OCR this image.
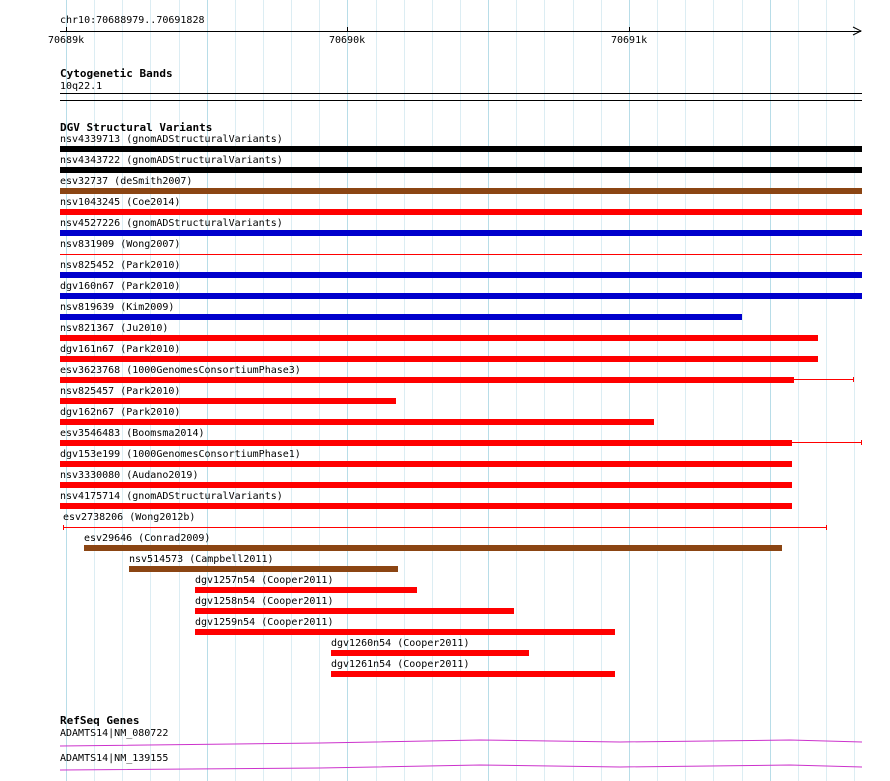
chr10:70688979..70691828
70689k	70690k	70691k
Cytogenetic Bands
10q22.1
DGV Structural Variants
nsv4339713 (gnomADStructuralVariants)
nsv4343722 (gnomADStructuralVariants)
esv32737 (deSmith2007)
nsv1043245 (Coe2014)
nsv4527226 (gnomADStructuralVariants)
nsv831909 (Wong2007)
nsv825452 (Park2010)
dgv160n67 (Park2010)
nsv819639 (Kim2009)
nsv821367 (Ju2010)
dgv161n67 (Park2010)
esv3623768 (1000GenomesConsortiumPhase3)
nsv825457 (Park2010)
dgv162n67 (Park2010)
esv3546483 (Boomsma2014)
dgv153e199 (1000GenomesConsortiumPhase1)
nsv3330080 (Audano2019)
nsv4175714 (gnomADStructuralVariants)
esv2738206 (Wong2012b)
esv29646 (Conrad2009)
nsv514573 (Campbell2011)
dgv1257n54 (Cooper2011)
dgv1258n54 (Cooper2011)
dgv1259n54 (Cooper2011)
dgv1260n54 (Cooper2011)
dgv1261n54 (Cooper2011)
RefSeq Genes
ADAMTS14|NM_080722
ADAMTS14|NM_139155
